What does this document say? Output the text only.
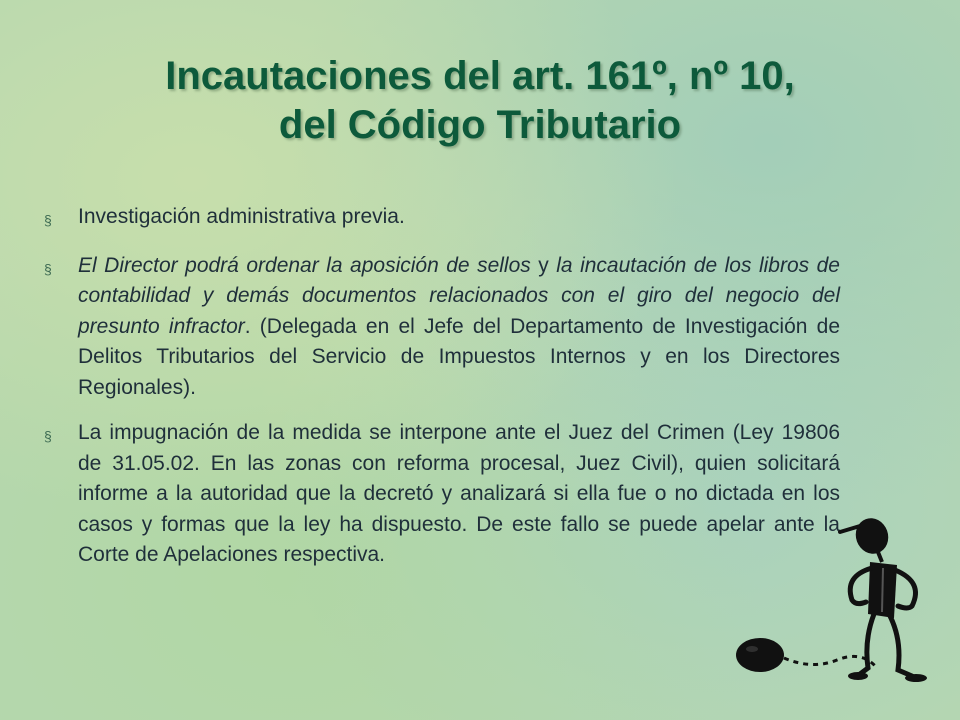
Incautaciones del art. 161º, nº 10,
del Código Tributario
§	Investigación administrativa previa.

§	El Director podrá ordenar la aposición de sellos y la incautación de los libros de contabilidad y demás documentos relacionados con el giro del negocio del presunto infractor. (Delegada en el Jefe del Departamento de Investigación de Delitos Tributarios del Servicio de Impuestos Internos y en los Directores Regionales).

§	La impugnación de la medida se interpone ante el Juez del Crimen (Ley 19806 de 31.05.02. En las zonas con reforma procesal, Juez Civil), quien solicitará informe a la autoridad que la decretó y analizará si ella fue o no dictada en los casos y formas que la ley ha dispuesto. De este fallo se puede apelar ante la Corte de Apelaciones respectiva.
